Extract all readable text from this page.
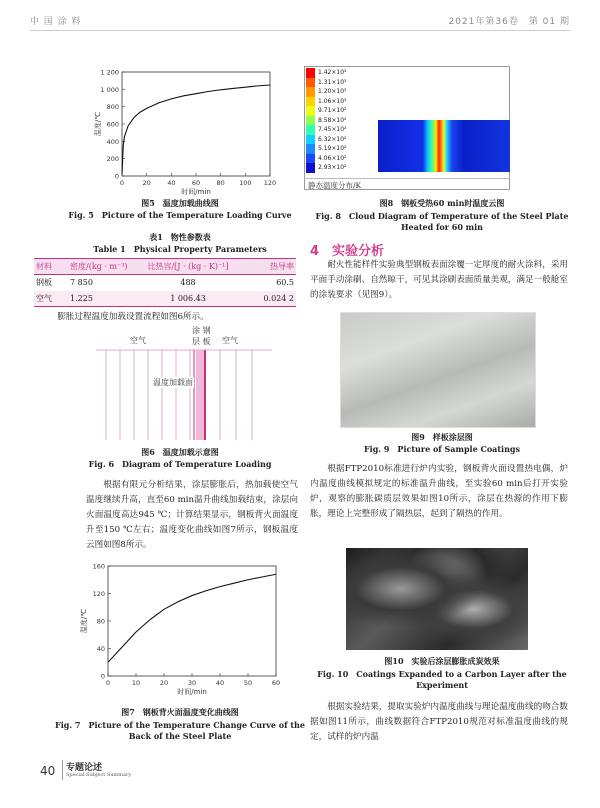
中 国 涂 料	2021年第36卷　第 01 期
0	20	40	60	80 100 120
0
200
400
600
800
1 000
1 200
时间/min
温度/℃
图5　温度加载曲线图
Fig. 5　Picture of the Temperature Loading Curve
表1　物性参数表
Table 1　Physical Property Parameters
材料	密度/(kg · m⁻³)	比热容/[J · (kg · K)⁻¹]	热导率
钢板	7 850	488	60.5
空气	1.225	1 006.43	0.024 2
膨胀过程温度加载设置流程如图6所示。
空气
涂 钢
层 板 空气
温度加载面
图6　温度加载示意图
Fig. 6　Diagram of Temperature Loading
根据有限元分析结果，涂层膨胀后，热加载使空气温度继续升高，直至60 min温升曲线加载结束，涂层向火面温度高达945 ℃；计算结果显示，钢板背火面温度升至150 ℃左右；温度变化曲线如图7所示，钢板温度云图如图8所示。
0	10	20	30	40	50	60
0
40
80
120
160
时间/min
温度/℃
图7　钢板背火面温度变化曲线图
Fig. 7　Picture of the Temperature Change Curve of the
Back of the Steel Plate
40 专题论述
Special Subject Summary
1.42×10³
1.31×10³
1.20×10³
1.06×10³
9.71×10²
8.58×10²
7.45×10²
6.32×10²
5.19×10²
4.06×10²
2.93×10²
静态温度分布/K
图8　钢板受热60 min时温度云图
Fig. 8　Cloud Diagram of Temperature of the Steel Plate
Heated for 60 min
4　实验分析
耐火性能样件实验典型钢板表面涂覆一定厚度的耐火涂料，采用平面手动涂刷、自然晾干，可见其涂刷表面质量美观，满足一般舱室的涂装要求（见图9）。
图9　样板涂层图
Fig. 9　Picture of Sample Coatings
根据FTP2010标准进行炉内实验，钢板背火面设置热电偶，炉内温度曲线模拟规定的标准温升曲线，至实验60 min后打开实验炉，观察的膨胀碳质层效果如图10所示，涂层在热源的作用下膨胀，理论上完整形成了隔热层，起到了隔热的作用。
图10　实验后涂层膨胀成炭效果
Fig. 10　Coatings Expanded to a Carbon Layer after the
Experiment
根据实验结果，提取实验炉内温度曲线与理论温度曲线的吻合数据如图11所示，曲线数据符合FTP2010规范对标准温度曲线的规定，试样的炉内温
